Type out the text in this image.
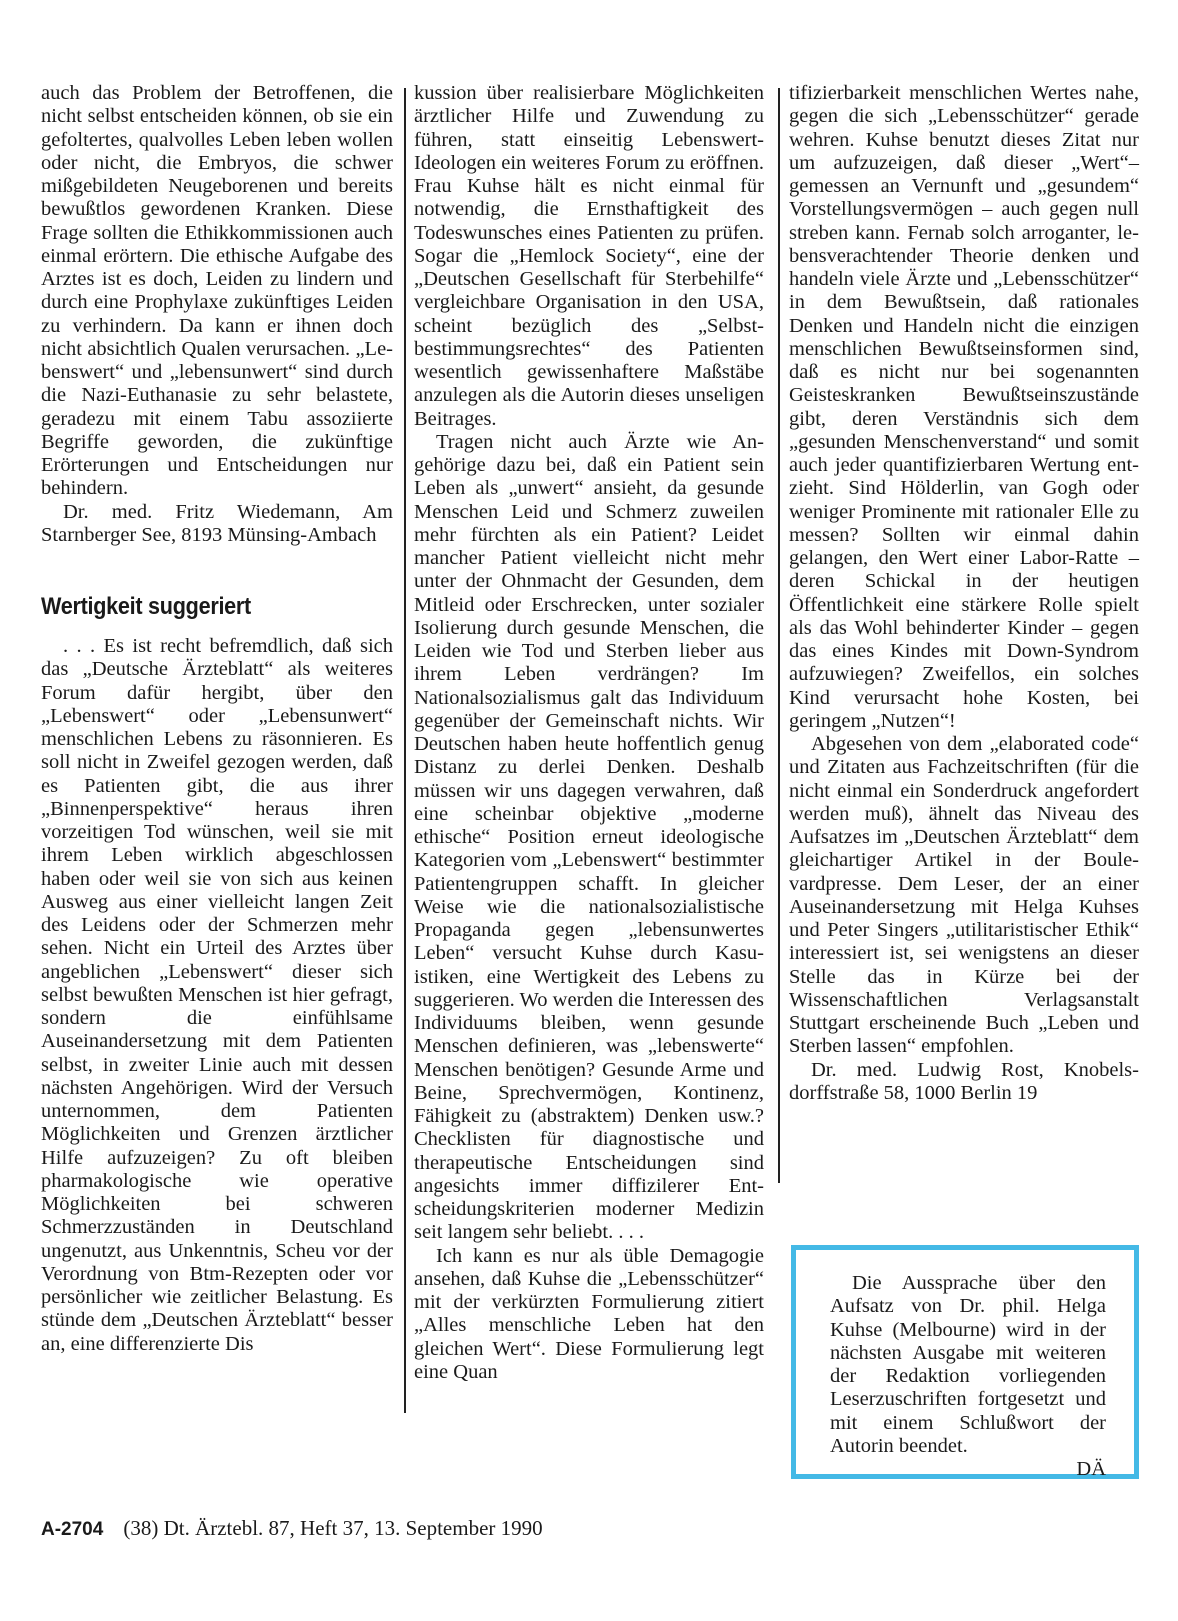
auch das Problem der Betroffenen, die nicht selbst entscheiden können, ob sie ein gefoltertes, qualvolles Leben leben wollen oder nicht, die Embryos, die schwer mißgebildeten Neugeborenen und bereits bewußtlos gewordenen Kranken. Diese Frage sollten die Ethikkommissionen auch einmal erörtern. Die ethische Aufgabe des Arztes ist es doch, Leiden zu lindern und durch eine Prophylaxe zukünftiges Leiden zu verhindern. Da kann er ihnen doch nicht absichtlich Qualen verursachen. „Lebenswert“ und „lebensunwert“ sind durch die Nazi-Euthanasie zu sehr belastete, geradezu mit einem Tabu assoziierte Begriffe geworden, die zukünftige Erörterungen und Entscheidungen nur behindern.

Dr. med. Fritz Wiedemann, Am Starnberger See, 8193 Münsing-Ambach

Wertigkeit suggeriert

. . . Es ist recht befremdlich, daß sich das „Deutsche Ärzteblatt“ als weiteres Forum dafür hergibt, über den „Lebenswert“ oder „Lebensunwert“ menschlichen Lebens zu räsonnieren. Es soll nicht in Zweifel gezogen werden, daß es Patienten gibt, die aus ihrer „Binnenperspektive“ heraus ihren vorzeitigen Tod wünschen, weil sie mit ihrem Leben wirklich abgeschlossen haben oder weil sie von sich aus keinen Ausweg aus einer vielleicht langen Zeit des Leidens oder der Schmerzen mehr sehen. Nicht ein Urteil des Arztes über angeblichen „Lebenswert“ dieser sich selbst bewußten Menschen ist hier gefragt, sondern die einfühlsame Auseinandersetzung mit dem Patienten selbst, in zweiter Linie auch mit dessen nächsten Angehörigen. Wird der Versuch unternommen, dem Patienten Möglichkeiten und Grenzen ärztlicher Hilfe aufzuzeigen? Zu oft bleiben pharmakologische wie operative Möglichkeiten bei schweren Schmerzzuständen in Deutschland ungenutzt, aus Unkenntnis, Scheu vor der Verordnung von Btm-Rezepten oder vor persönlicher wie zeitlicher Belastung. Es stünde dem „Deutschen Ärzteblatt“ besser an, eine differenzierte Dis

kussion über realisierbare Möglichkeiten ärztlicher Hilfe und Zuwendung zu führen, statt einseitig Lebenswert-Ideologen ein weiteres Forum zu eröffnen. Frau Kuhse hält es nicht einmal für notwendig, die Ernsthaftigkeit des Todeswunsches eines Patienten zu prüfen. Sogar die „Hemlock Society“, eine der „Deutschen Gesellschaft für Sterbehilfe“ vergleichbare Organisation in den USA, scheint bezüglich des „Selbstbestimmungsrechtes“ des Patienten wesentlich gewissenhaftere Maßstäbe anzulegen als die Autorin dieses unseligen Beitrages.

Tragen nicht auch Ärzte wie Angehörige dazu bei, daß ein Patient sein Leben als „unwert“ ansieht, da gesunde Menschen Leid und Schmerz zuweilen mehr fürchten als ein Patient? Leidet mancher Patient vielleicht nicht mehr unter der Ohnmacht der Gesunden, dem Mitleid oder Erschrecken, unter sozialer Isolierung durch gesunde Menschen, die Leiden wie Tod und Sterben lieber aus ihrem Leben verdrängen? Im Nationalsozialismus galt das Individuum gegenüber der Gemeinschaft nichts. Wir Deutschen haben heute hoffentlich genug Distanz zu derlei Denken. Deshalb müssen wir uns dagegen verwahren, daß eine scheinbar objektive „moderne ethische“ Position erneut ideologische Kategorien vom „Lebenswert“ bestimmter Patientengruppen schafft. In gleicher Weise wie die nationalsozialistische Propaganda gegen „lebensunwertes Leben“ versucht Kuhse durch Kasuistiken, eine Wertigkeit des Lebens zu suggerieren. Wo werden die Interessen des Individuums bleiben, wenn gesunde Menschen definieren, was „lebenswerte“ Menschen benötigen? Gesunde Arme und Beine, Sprechvermögen, Kontinenz, Fähigkeit zu (abstraktem) Denken usw.? Checklisten für diagnostische und therapeutische Entscheidungen sind angesichts immer diffizilerer Entscheidungskriterien moderner Medizin seit langem sehr beliebt. . . .

Ich kann es nur als üble Demagogie ansehen, daß Kuhse die „Lebensschützer“ mit der verkürzten Formulierung zitiert „Alles menschliche Leben hat den gleichen Wert“. Diese Formulierung legt eine Quan

tifizierbarkeit menschlichen Wertes nahe, gegen die sich „Lebensschützer“ gerade wehren. Kuhse benutzt dieses Zitat nur um aufzuzeigen, daß dieser „Wert“– gemessen an Vernunft und „gesundem“ Vorstellungsvermögen – auch gegen null streben kann. Fernab solch arroganter, lebensverachtender Theorie denken und handeln viele Ärzte und „Lebensschützer“ in dem Bewußtsein, daß rationales Denken und Handeln nicht die einzigen menschlichen Bewußtseinsformen sind, daß es nicht nur bei sogenannten Geisteskranken Bewußtseinszustände gibt, deren Verständnis sich dem „gesunden Menschenverstand“ und somit auch jeder quantifizierbaren Wertung entzieht. Sind Hölderlin, van Gogh oder weniger Prominente mit rationaler Elle zu messen? Sollten wir einmal dahin gelangen, den Wert einer Labor-Ratte – deren Schickal in der heutigen Öffentlichkeit eine stärkere Rolle spielt als das Wohl behinderter Kinder – gegen das eines Kindes mit Down-Syndrom aufzuwiegen? Zweifellos, ein solches Kind verursacht hohe Kosten, bei geringem „Nutzen“!

Abgesehen von dem „elaborated code“ und Zitaten aus Fachzeitschriften (für die nicht einmal ein Sonderdruck angefordert werden muß), ähnelt das Niveau des Aufsatzes im „Deutschen Ärzteblatt“ dem gleichartiger Artikel in der Boulevardpresse. Dem Leser, der an einer Auseinandersetzung mit Helga Kuhses und Peter Singers „utilitaristischer Ethik“ interessiert ist, sei wenigstens an dieser Stelle das in Kürze bei der Wissenschaftlichen Verlagsanstalt Stuttgart erscheinende Buch „Leben und Sterben lassen“ empfohlen.

Dr. med. Ludwig Rost, Knobelsdorffstraße 58, 1000 Berlin 19

Die Aussprache über den Aufsatz von Dr. phil. Helga Kuhse (Melbourne) wird in der nächsten Ausgabe mit weiteren der Redaktion vorliegenden Leserzuschriften fortgesetzt und mit einem Schlußwort der Autorin beendet.
DÄ
A-2704 (38) Dt. Ärztebl. 87, Heft 37, 13. September 1990
